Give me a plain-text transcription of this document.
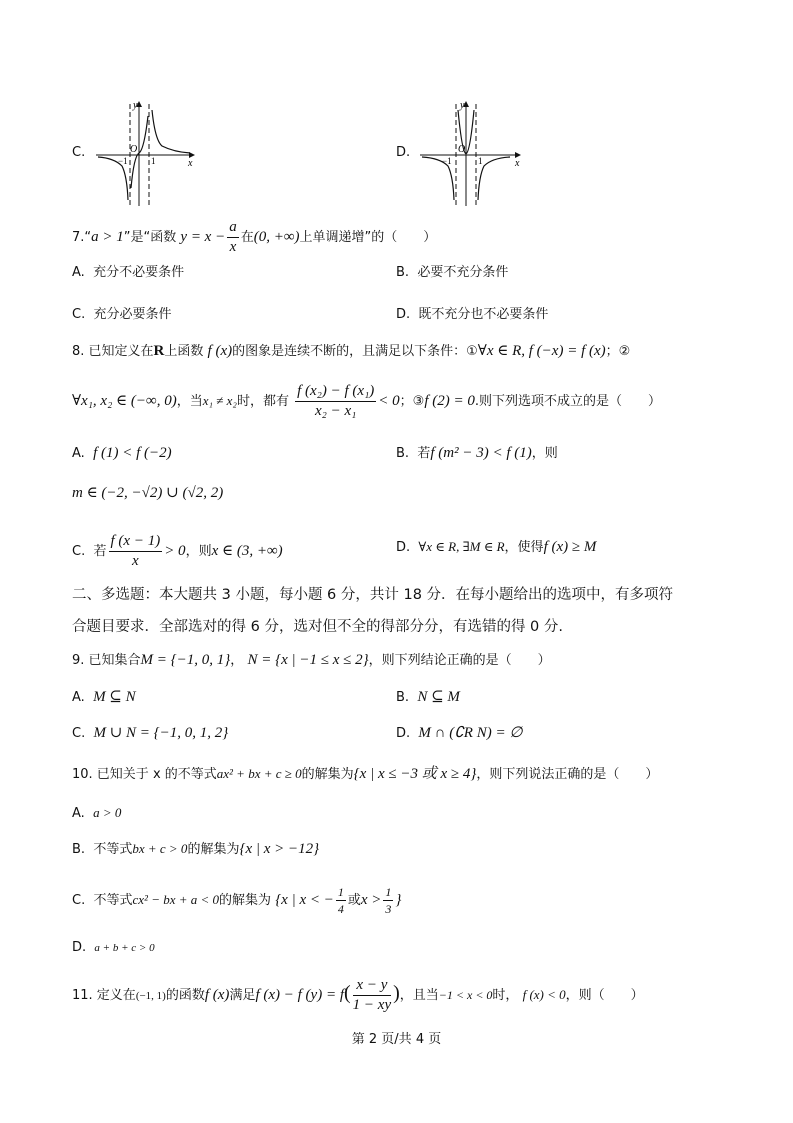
C.
y
x
O
−1	1
D.
y
x
O
−1	1
7.“a > 1”是“函数 $y = x - \frac{a}{x}$ 在(0, +∞)上单调递增”的（　　）
A. 充分不必要条件	B. 必要不充分条件
C. 充分必要条件	D. 既不充分也不必要条件
8. 已知定义在R上函数 f (x)的图象是连续不断的，且满足以下条件：①∀x ∈ R, f (−x) = f (x)；②
∀x₁, x₂ ∈ (−∞, 0)，当x₁ ≠ x₂时，都有 $\frac{\text{f (x₂) − f (x₁)}}{\text{x₂ − x₁}} < 0$；③f (2) = 0.则下列选项不成立的是（　　）
A. f (1) < f (−2)	B. 若f (m² − 3) < f (1)，则
m ∈ (−2, −√2) ∪ (√2, 2)
C. 若 $\frac{f (x - 1)}{x} > 0$，则x ∈ (3, +∞)	D. ∀x ∈ R, ∃M ∈ R，使得f (x) ≥ M
二、多选题：本大题共 3 小题，每小题 6 分，共计 18 分．在每小题给出的选项中，有多项符
合题目要求．全部选对的得 6 分，选对但不全的得部分分，有选错的得 0 分.
9. 已知集合M = {−1, 0, 1}， N = {x | −1 ≤ x ≤ 2}，则下列结论正确的是（　　）
A. M ⊆ N	B. N ⊆ M
C. M ∪ N = {−1, 0, 1, 2}	D. M ∩ (∁R N) = ∅
10. 已知关于 x 的不等式ax² + bx + c ≥ 0的解集为{x | x ≤ −3 或 x ≥ 4}，则下列说法正确的是（　　）
A. a > 0
B. 不等式bx + c > 0的解集为{x | x > −12}
C. 不等式cx² − bx + a < 0的解集为 {x | x < − $\frac{1}{4}$ 或$x > \frac{1}{3}$ }
D. a + b + c > 0
11. 定义在(−1, 1)的函数f (x)满足f (x) − f $(y) = f( \frac{x - y}{1 - xy}$ )，且当−1 < x < 0时， f (x) < 0，则（　　）
第 2 页/共 4 页
